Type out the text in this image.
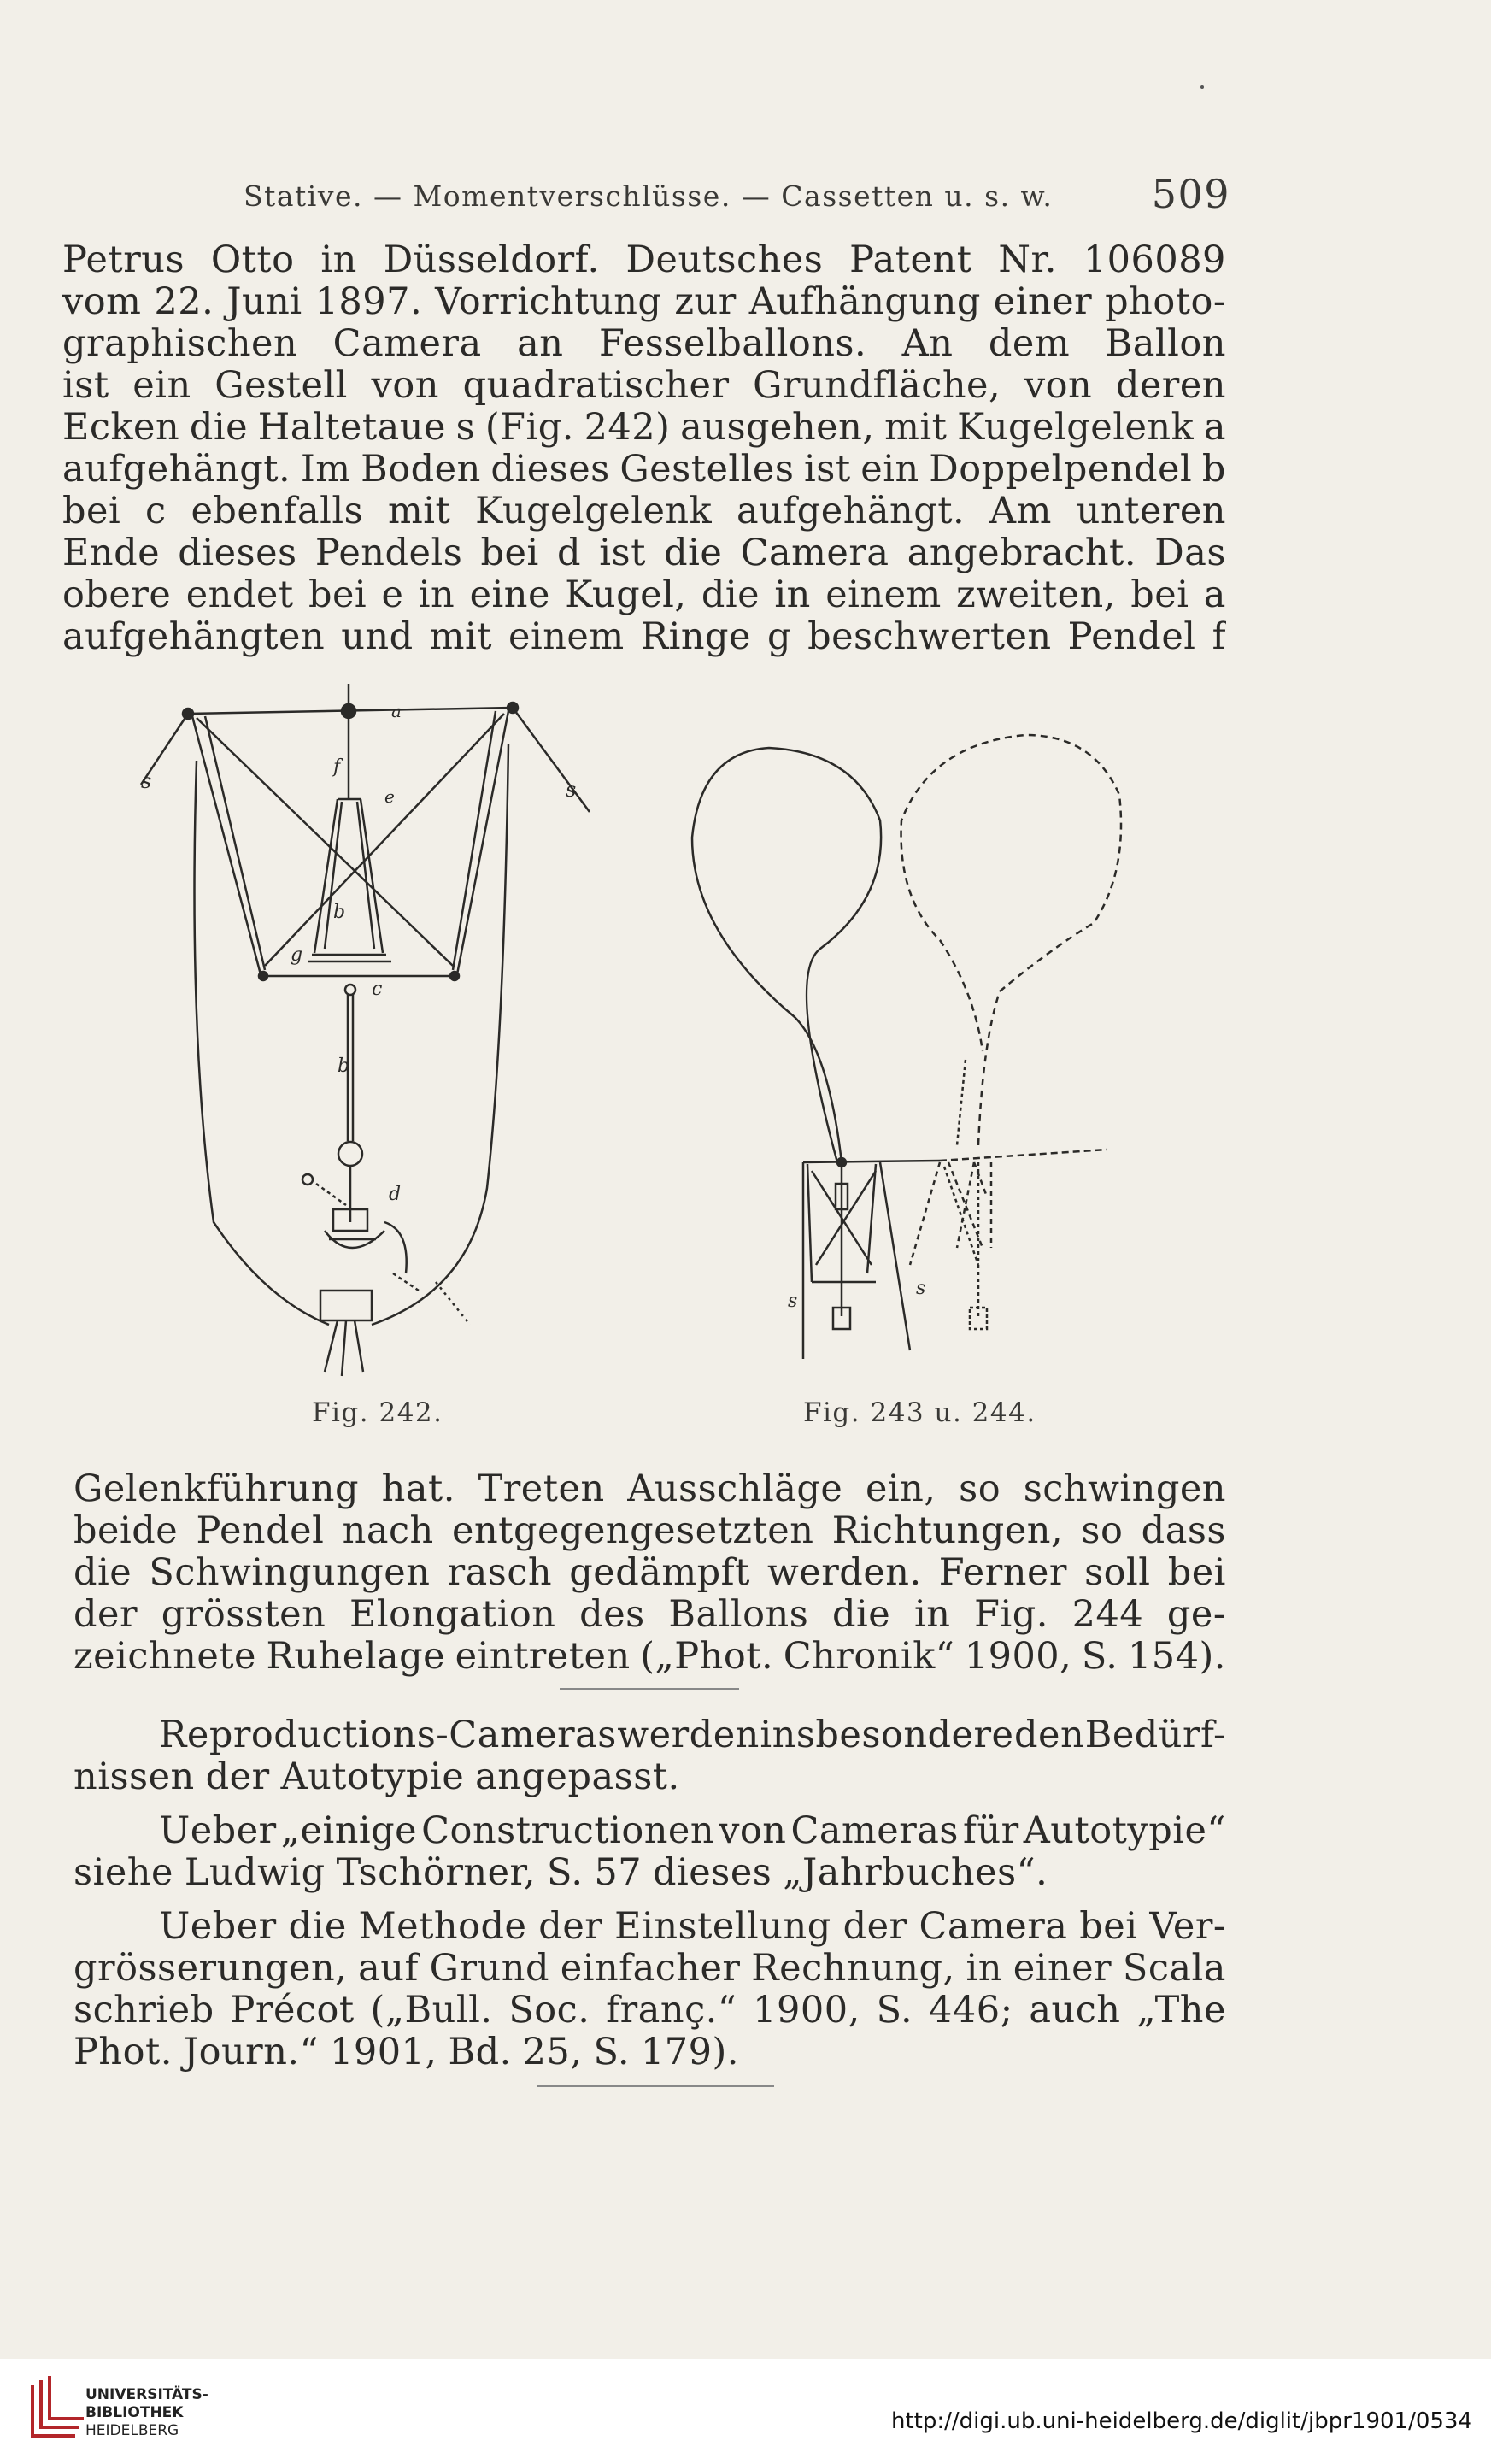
Stative. — Momentverschlüsse. — Cassetten u. s. w.	509
Petrus Otto in Düsseldorf. Deutsches Patent Nr. 106089
vom 22. Juni 1897. Vorrichtung zur Aufhängung einer photo-
graphischen Camera an Fesselballons. An dem Ballon
ist ein Gestell von quadratischer Grundfläche, von deren
Ecken die Haltetaue s (Fig. 242) ausgehen, mit Kugelgelenk a
aufgehängt. Im Boden dieses Gestelles ist ein Doppelpendel b
bei c ebenfalls mit Kugelgelenk aufgehängt. Am unteren
Ende dieses Pendels bei d ist die Camera angebracht. Das
obere endet bei e in eine Kugel, die in einem zweiten, bei a
aufgehängten und mit einem Ringe g beschwerten Pendel f
s	s
a
f
e
b
g
c
b
d
s
s
Fig. 242.	Fig. 243 u. 244.
Gelenkführung hat. Treten Ausschläge ein, so schwingen
beide Pendel nach entgegengesetzten Richtungen, so dass
die Schwingungen rasch gedämpft werden. Ferner soll bei
der grössten Elongation des Ballons die in Fig. 244 ge-
zeichnete Ruhelage eintreten („Phot. Chronik“ 1900, S. 154).
Reproductions-Cameras werden insbesondere den Bedürf-
nissen der Autotypie angepasst.
Ueber „einige Constructionen von Cameras für Autotypie“
siehe Ludwig Tschörner, S. 57 dieses „Jahrbuches“.
Ueber die Methode der Einstellung der Camera bei Ver-
grösserungen, auf Grund einfacher Rechnung, in einer Scala
schrieb Précot („Bull. Soc. franç.“ 1900, S. 446; auch „The
Phot. Journ.“ 1901, Bd. 25, S. 179).
UNIVERSITÄTS-
BIBLIOTHEK
HEIDELBERG	http://digi.ub.uni-heidelberg.de/diglit/jbpr1901/0534
